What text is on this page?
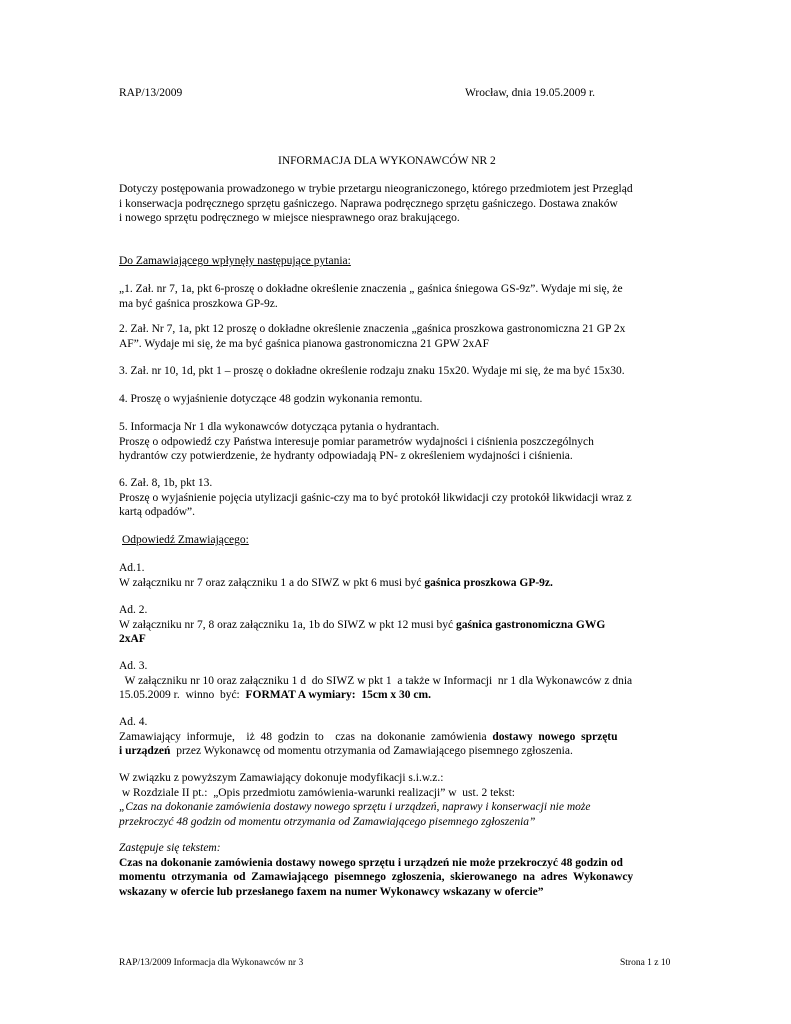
RAP/13/2009	Wrocław, dnia 19.05.2009 r.
INFORMACJA DLA WYKONAWCÓW NR 2
Dotyczy postępowania prowadzonego w trybie przetargu nieograniczonego, którego przedmiotem jest Przegląd
i konserwacja podręcznego sprzętu gaśniczego. Naprawa podręcznego sprzętu gaśniczego. Dostawa znaków
i nowego sprzętu podręcznego w miejsce niesprawnego oraz brakującego.
Do Zamawiającego wpłynęły następujące pytania:
„1. Zał. nr 7, 1a, pkt 6-proszę o dokładne określenie znaczenia „ gaśnica śniegowa GS-9z”. Wydaje mi się, że
ma być gaśnica proszkowa GP-9z.
2. Zał. Nr 7, 1a, pkt 12 proszę o dokładne określenie znaczenia „gaśnica proszkowa gastronomiczna 21 GP 2x
AF”. Wydaje mi się, że ma być gaśnica pianowa gastronomiczna 21 GPW 2xAF
3. Zał. nr 10, 1d, pkt 1 – proszę o dokładne określenie rodzaju znaku 15x20. Wydaje mi się, że ma być 15x30.
4. Proszę o wyjaśnienie dotyczące 48 godzin wykonania remontu.
5. Informacja Nr 1 dla wykonawców dotycząca pytania o hydrantach.
Proszę o odpowiedź czy Państwa interesuje pomiar parametrów wydajności i ciśnienia poszczególnych
hydrantów czy potwierdzenie, że hydranty odpowiadają PN- z określeniem wydajności i ciśnienia.
6. Zał. 8, 1b, pkt 13.
Proszę o wyjaśnienie pojęcia utylizacji gaśnic-czy ma to być protokół likwidacji czy protokół likwidacji wraz z
kartą odpadów”.
Odpowiedź Zmawiającego:
Ad.1.
W załączniku nr 7 oraz załączniku 1 a do SIWZ w pkt 6 musi być gaśnica proszkowa GP-9z.
Ad. 2.
W załączniku nr 7, 8 oraz załączniku 1a, 1b do SIWZ w pkt 12 musi być gaśnica gastronomiczna GWG
2xAF
Ad. 3.
W załączniku nr 10 oraz załączniku 1 d  do SIWZ w pkt 1  a także w Informacji  nr 1 dla Wykonawców z dnia
15.05.2009 r.  winno  być:  FORMAT A wymiary:  15cm x 30 cm.
Ad. 4.
Zamawiający  informuje,    iż  48  godzin  to    czas  na  dokonanie  zamówienia  dostawy  nowego  sprzętu
i urządzeń  przez Wykonawcę od momentu otrzymania od Zamawiającego pisemnego zgłoszenia.
W związku z powyższym Zamawiający dokonuje modyfikacji s.i.w.z.:
w Rozdziale II pt.:  „Opis przedmiotu zamówienia-warunki realizacji” w  ust. 2 tekst:
„Czas na dokonanie zamówienia dostawy nowego sprzętu i urządzeń, naprawy i konserwacji nie może
przekroczyć 48 godzin od momentu otrzymania od Zamawiającego pisemnego zgłoszenia”
Zastępuje się tekstem:
Czas na dokonanie zamówienia dostawy nowego sprzętu i urządzeń nie może przekroczyć 48 godzin od
momentu  otrzymania  od  Zamawiającego  pisemnego  zgłoszenia,  skierowanego  na  adres  Wykonawcy
wskazany w ofercie lub przesłanego faxem na numer Wykonawcy wskazany w ofercie”
RAP/13/2009 Informacja dla Wykonawców nr 3	Strona 1 z 10
